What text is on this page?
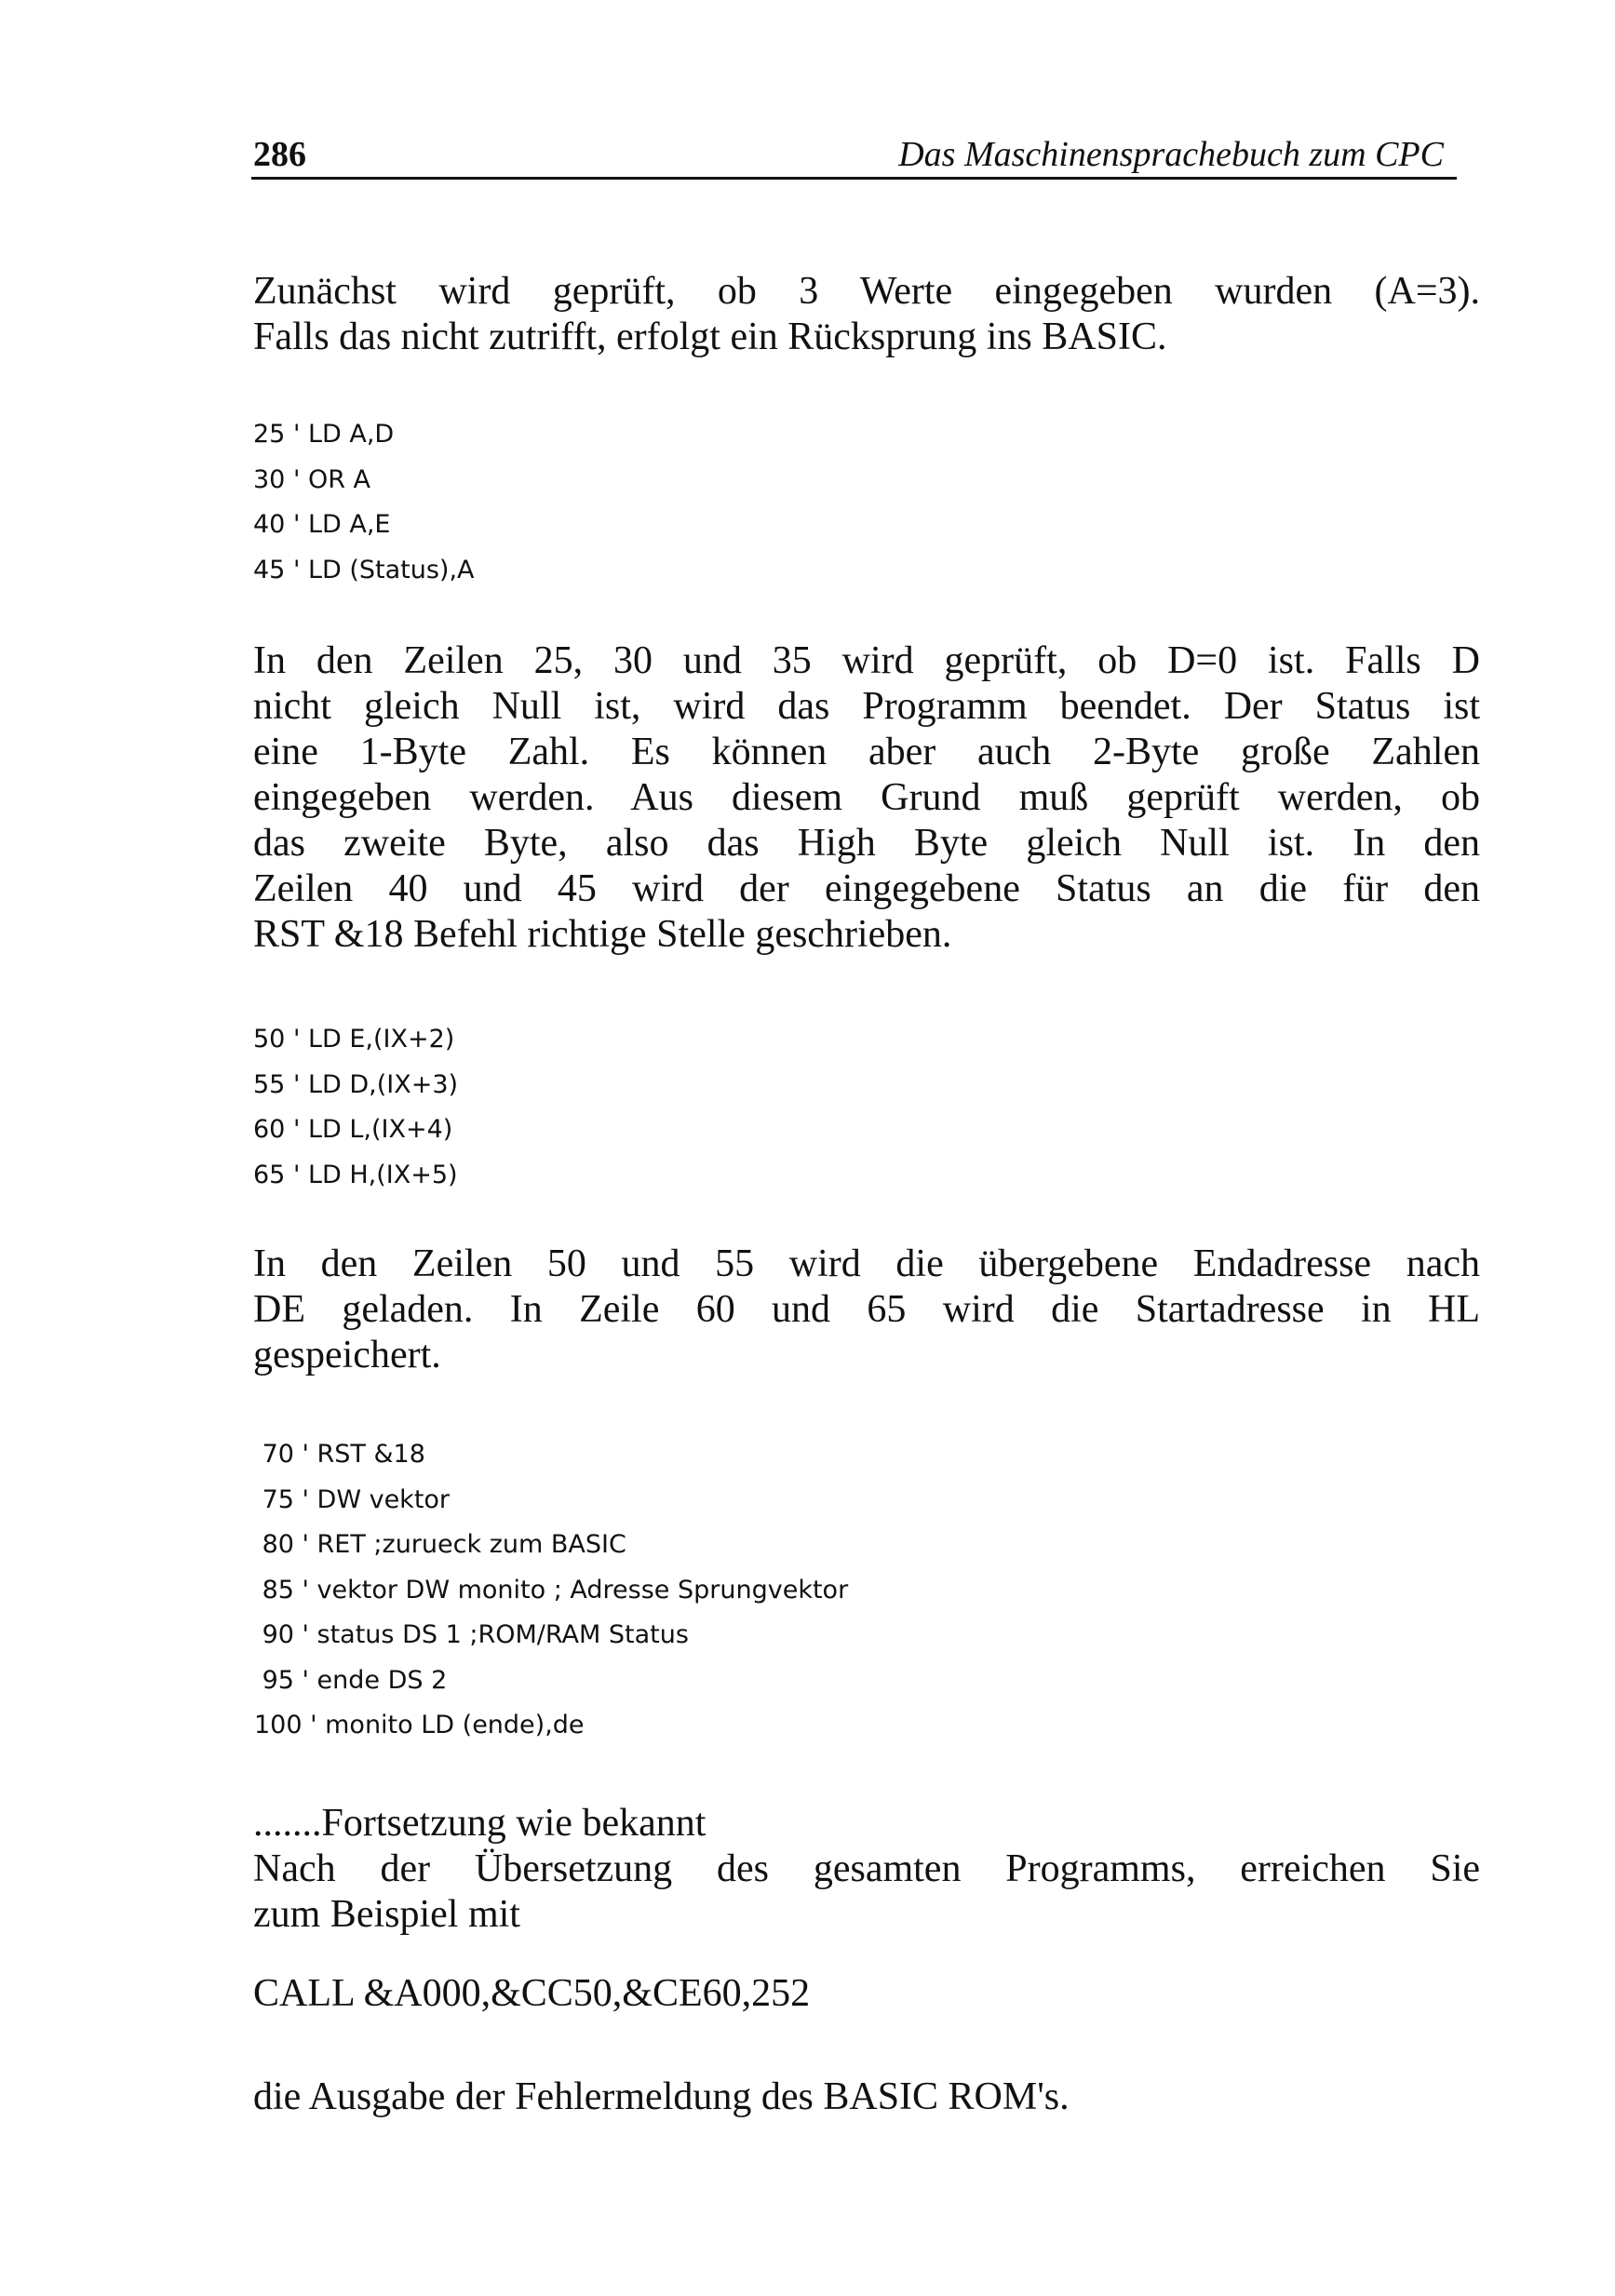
286	Das Maschinensprachebuch zum CPC

Zunächst wird geprüft, ob 3 Werte eingegeben wurden (A=3).
Falls das nicht zutrifft, erfolgt ein Rücksprung ins BASIC.

25 ' LD A,D
30 ' OR A
40 ' LD A,E
45 ' LD (Status),A

In den Zeilen 25, 30 und 35 wird geprüft, ob D=0 ist. Falls D
nicht gleich Null ist, wird das Programm beendet. Der Status ist
eine 1-Byte Zahl. Es können aber auch 2-Byte große Zahlen
eingegeben werden. Aus diesem Grund muß geprüft werden, ob
das zweite Byte, also das High Byte gleich Null ist. In den
Zeilen 40 und 45 wird der eingegebene Status an die für den
RST &18 Befehl richtige Stelle geschrieben.

50 ' LD E,(IX+2)
55 ' LD D,(IX+3)
60 ' LD L,(IX+4)
65 ' LD H,(IX+5)

In den Zeilen 50 und 55 wird die übergebene Endadresse nach
DE geladen. In Zeile 60 und 65 wird die Startadresse in HL
gespeichert.

70 ' RST &18
75 ' DW vektor
80 ' RET ;zurueck zum BASIC
85 ' vektor DW monito ; Adresse Sprungvektor
90 ' status DS 1 ;ROM/RAM Status
95 ' ende DS 2
100 ' monito LD (ende),de

.......Fortsetzung wie bekannt
Nach der Übersetzung des gesamten Programms, erreichen Sie
zum Beispiel mit

CALL &A000,&CC50,&CE60,252
die Ausgabe der Fehlermeldung des BASIC ROM's.
